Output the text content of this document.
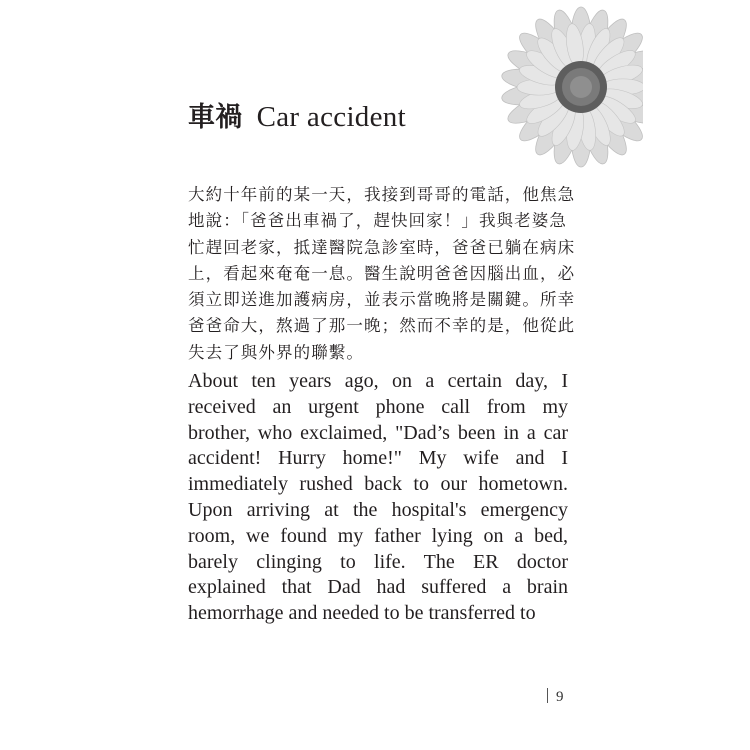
車禍 Car accident
大約十年前的某一天，我接到哥哥的電話，他焦急
地說：「爸爸出車禍了，趕快回家！」我與老婆急
忙趕回老家，抵達醫院急診室時，爸爸已躺在病床
上，看起來奄奄一息。醫生說明爸爸因腦出血，必
須立即送進加護病房，並表示當晚將是關鍵。所幸
爸爸命大，熬過了那一晚；然而不幸的是，他從此
失去了與外界的聯繫。
About ten years ago, on a certain day, I
received an urgent phone call from my
brother, who exclaimed, "Dad’s been in a car
accident! Hurry home!" My wife and I
immediately rushed back to our hometown.
Upon arriving at the hospital's emergency
room, we found my father lying on a bed,
barely clinging to life. The ER doctor
explained that Dad had suffered a brain
hemorrhage and needed to be transferred to
9
